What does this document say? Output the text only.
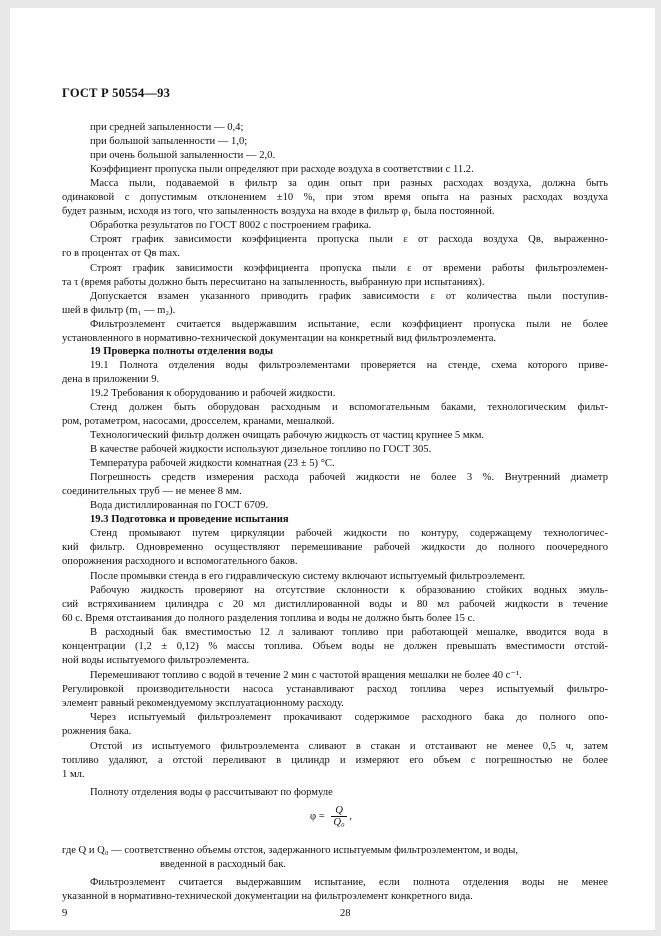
ГОСТ Р 50554—93
при средней запыленности — 0,4;
при большой запыленности — 1,0;
при очень большой запыленности — 2,0.
Коэффициент пропуска пыли определяют при расходе воздуха в соответствии с 11.2.
Масса пыли, подаваемой в фильтр за один опыт при разных расходах воздуха, должна быть
одинаковой с допустимым отклонением ±10 %, при этом время опыта на разных расходах воздуха
будет разным, исходя из того, что запыленность воздуха на входе в фильтр φ₁ была постоянной.
Обработка результатов по ГОСТ 8002 с построением графика.
Строят график зависимости коэффициента пропуска пыли ε от расхода воздуха Qв, выраженно-
го в процентах от Qв max.
Строят график зависимости коэффициента пропуска пыли ε от времени работы фильтроэлемен-
та τ (время работы должно быть пересчитано на запыленность, выбранную при испытаниях).
Допускается взамен указанного приводить график зависимости ε от количества пыли поступив-
шей в фильтр (m₁ — m₂).
Фильтроэлемент считается выдержавшим испытание, если коэффициент пропуска пыли не более
установленного в нормативно-технической документации на конкретный вид фильтроэлемента.
19 Проверка полноты отделения воды
19.1 Полнота отделения воды фильтроэлементами проверяется на стенде, схема которого приве-
дена в приложении 9.
19.2 Требования к оборудованию и рабочей жидкости.
Стенд должен быть оборудован расходным и вспомогательным баками, технологическим фильт-
ром, ротаметром, насосами, дросселем, кранами, мешалкой.
Технологический фильтр должен очищать рабочую жидкость от частиц крупнее 5 мкм.
В качестве рабочей жидкости используют дизельное топливо по ГОСТ 305.
Температура рабочей жидкости комнатная (23 ± 5) °С.
Погрешность средств измерения расхода рабочей жидкости не более 3 %. Внутренний диаметр
соединительных труб — не менее 8 мм.
Вода дистиллированная по ГОСТ 6709.
19.3 Подготовка и проведение испытания
Стенд промывают путем циркуляции рабочей жидкости по контуру, содержащему технологичес-
кий фильтр. Одновременно осуществляют перемешивание рабочей жидкости до полного поочередного
опорожнения расходного и вспомогательного баков.
После промывки стенда в его гидравлическую систему включают испытуемый фильтроэлемент.
Рабочую жидкость проверяют на отсутствие склонности к образованию стойких водных эмуль-
сий встряхиванием цилиндра с 20 мл дистиллированной воды и 80 мл рабочей жидкости в течение
60 с. Время отстаивания до полного разделения топлива и воды не должно быть более 15 с.
В расходный бак вместимостью 12 л заливают топливо при работающей мешалке, вводится вода в
концентрации (1,2 ± 0,12) % массы топлива. Объем воды не должен превышать вместимости отстой-
ной воды испытуемого фильтроэлемента.
Перемешивают топливо с водой в течение 2 мин с частотой вращения мешалки не более 40 с⁻¹.
Регулировкой производительности насоса устанавливают расход топлива через испытуемый фильтро-
элемент равный рекомендуемому эксплуатационному расходу.
Через испытуемый фильтроэлемент прокачивают содержимое расходного бака до полного опо-
рожнения бака.
Отстой из испытуемого фильтроэлемента сливают в стакан и отстаивают не менее 0,5 ч, затем
топливо удаляют, а отстой переливают в цилиндр и измеряют его объем с погрешностью не более
1 мл.
Полноту отделения воды φ рассчитывают по формуле
где Q и Q₀ — соответственно объемы отстоя, задержанного испытуемым фильтроэлементом, и воды,
введенной в расходный бак.
Фильтроэлемент считается выдержавшим испытание, если полнота отделения воды не менее
указанной в нормативно-технической документации на фильтроэлемент конкретного вида.
$\varphi = \frac{Q}{\text{Q₀}}$ ,
9	28
